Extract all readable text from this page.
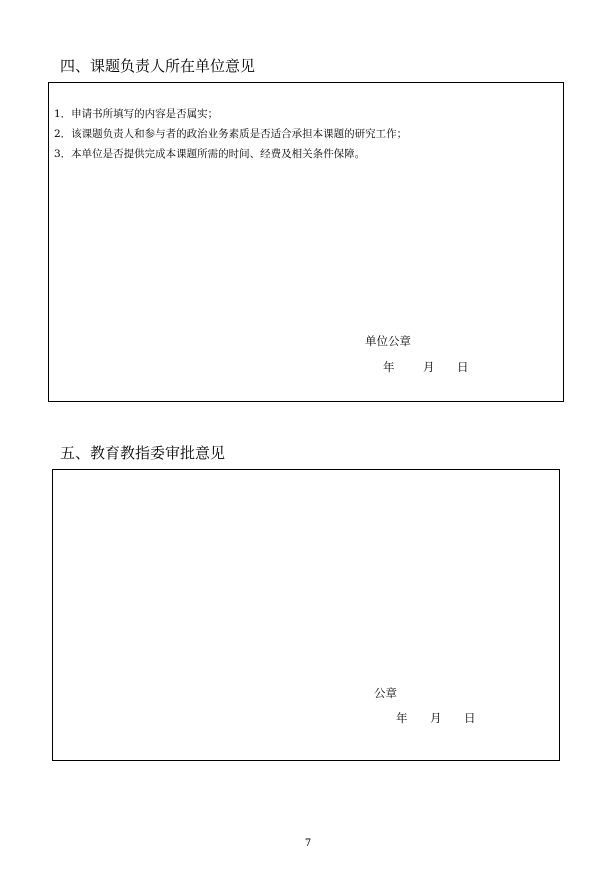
四、课题负责人所在单位意见
1．申请书所填写的内容是否属实；
2．该课题负责人和参与者的政治业务素质是否适合承担本课题的研究工作；
3．本单位是否提供完成本课题所需的时间、经费及相关条件保障。
单位公章
年 月 日
五、教育教指委审批意见
公章
年 月 日
7
